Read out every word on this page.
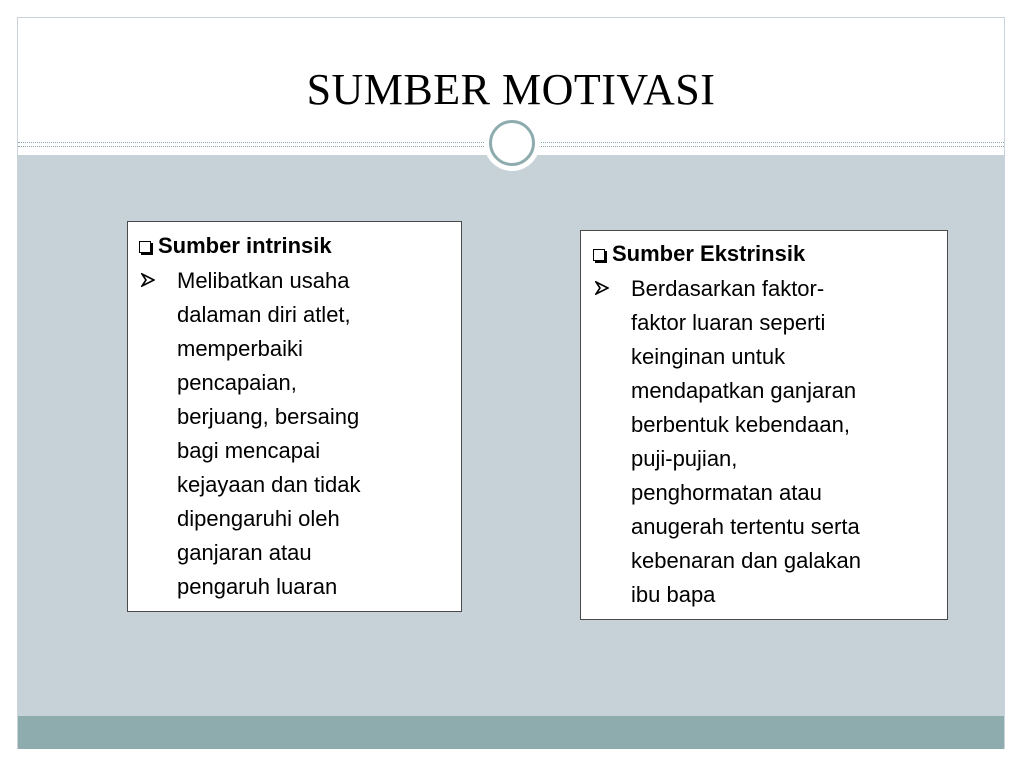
SUMBER MOTIVASI
Sumber intrinsik
Melibatkan usaha
dalaman diri atlet,
memperbaiki
pencapaian,
berjuang, bersaing
bagi mencapai
kejayaan dan tidak
dipengaruhi oleh
ganjaran atau
pengaruh luaran
Sumber Ekstrinsik
Berdasarkan faktor-
faktor luaran seperti
keinginan untuk
mendapatkan ganjaran
berbentuk kebendaan,
puji-pujian,
penghormatan atau
anugerah tertentu serta
kebenaran dan galakan
ibu bapa
